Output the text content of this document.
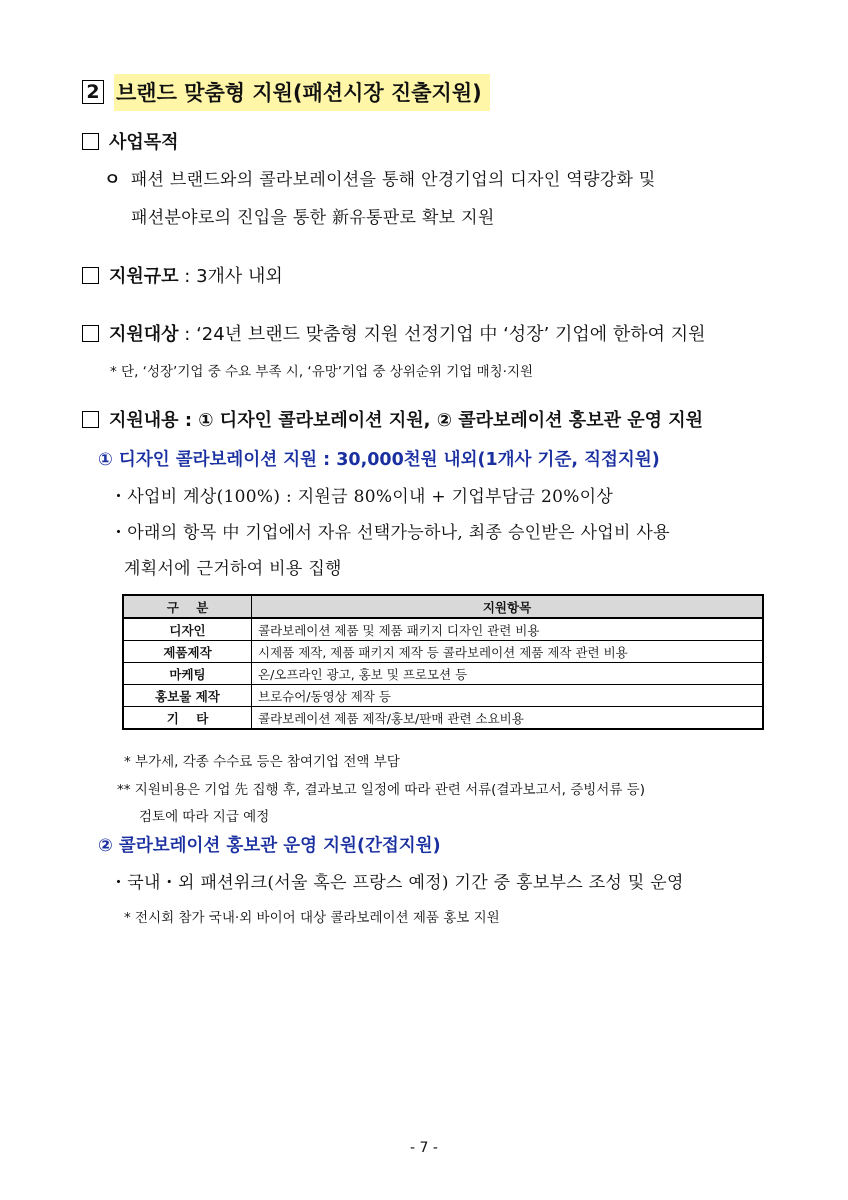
2 브랜드 맞춤형 지원(패션시장 진출지원)
사업목적
ㅇ 패션 브랜드와의 콜라보레이션을 통해 안경기업의 디자인 역량강화 및
패션분야로의 진입을 통한 新유통판로 확보 지원
지원규모 : 3개사 내외
지원대상 : ‘24년 브랜드 맞춤형 지원 선정기업 中 ‘성장’ 기업에 한하여 지원
* 단, ‘성장’기업 중 수요 부족 시, ‘유망’기업 중 상위순위 기업 매칭·지원
지원내용 : ① 디자인 콜라보레이션 지원, ② 콜라보레이션 홍보관 운영 지원
① 디자인 콜라보레이션 지원 : 30,000천원 내외(1개사 기준, 직접지원)
・사업비 계상(100%) : 지원금 80%이내 + 기업부담금 20%이상
・아래의 항목 中 기업에서 자유 선택가능하나, 최종 승인받은 사업비 사용
계획서에 근거하여 비용 집행
구    분	지원항목
디자인	콜라보레이션 제품 및 제품 패키지 디자인 관련 비용
제품제작	시제품 제작, 제품 패키지 제작 등 콜라보레이션 제품 제작 관련 비용
마케팅	온/오프라인 광고, 홍보 및 프로모션 등
홍보물 제작	브로슈어/동영상 제작 등
기    타	콜라보레이션 제품 제작/홍보/판매 관련 소요비용
* 부가세, 각종 수수료 등은 참여기업 전액 부담
** 지원비용은 기업 先 집행 후, 결과보고 일정에 따라 관련 서류(결과보고서, 증빙서류 등)
검토에 따라 지급 예정
② 콜라보레이션 홍보관 운영 지원(간접지원)
・국내・외 패션위크(서울 혹은 프랑스 예정) 기간 중 홍보부스 조성 및 운영
* 전시회 참가 국내·외 바이어 대상 콜라보레이션 제품 홍보 지원
- 7 -
